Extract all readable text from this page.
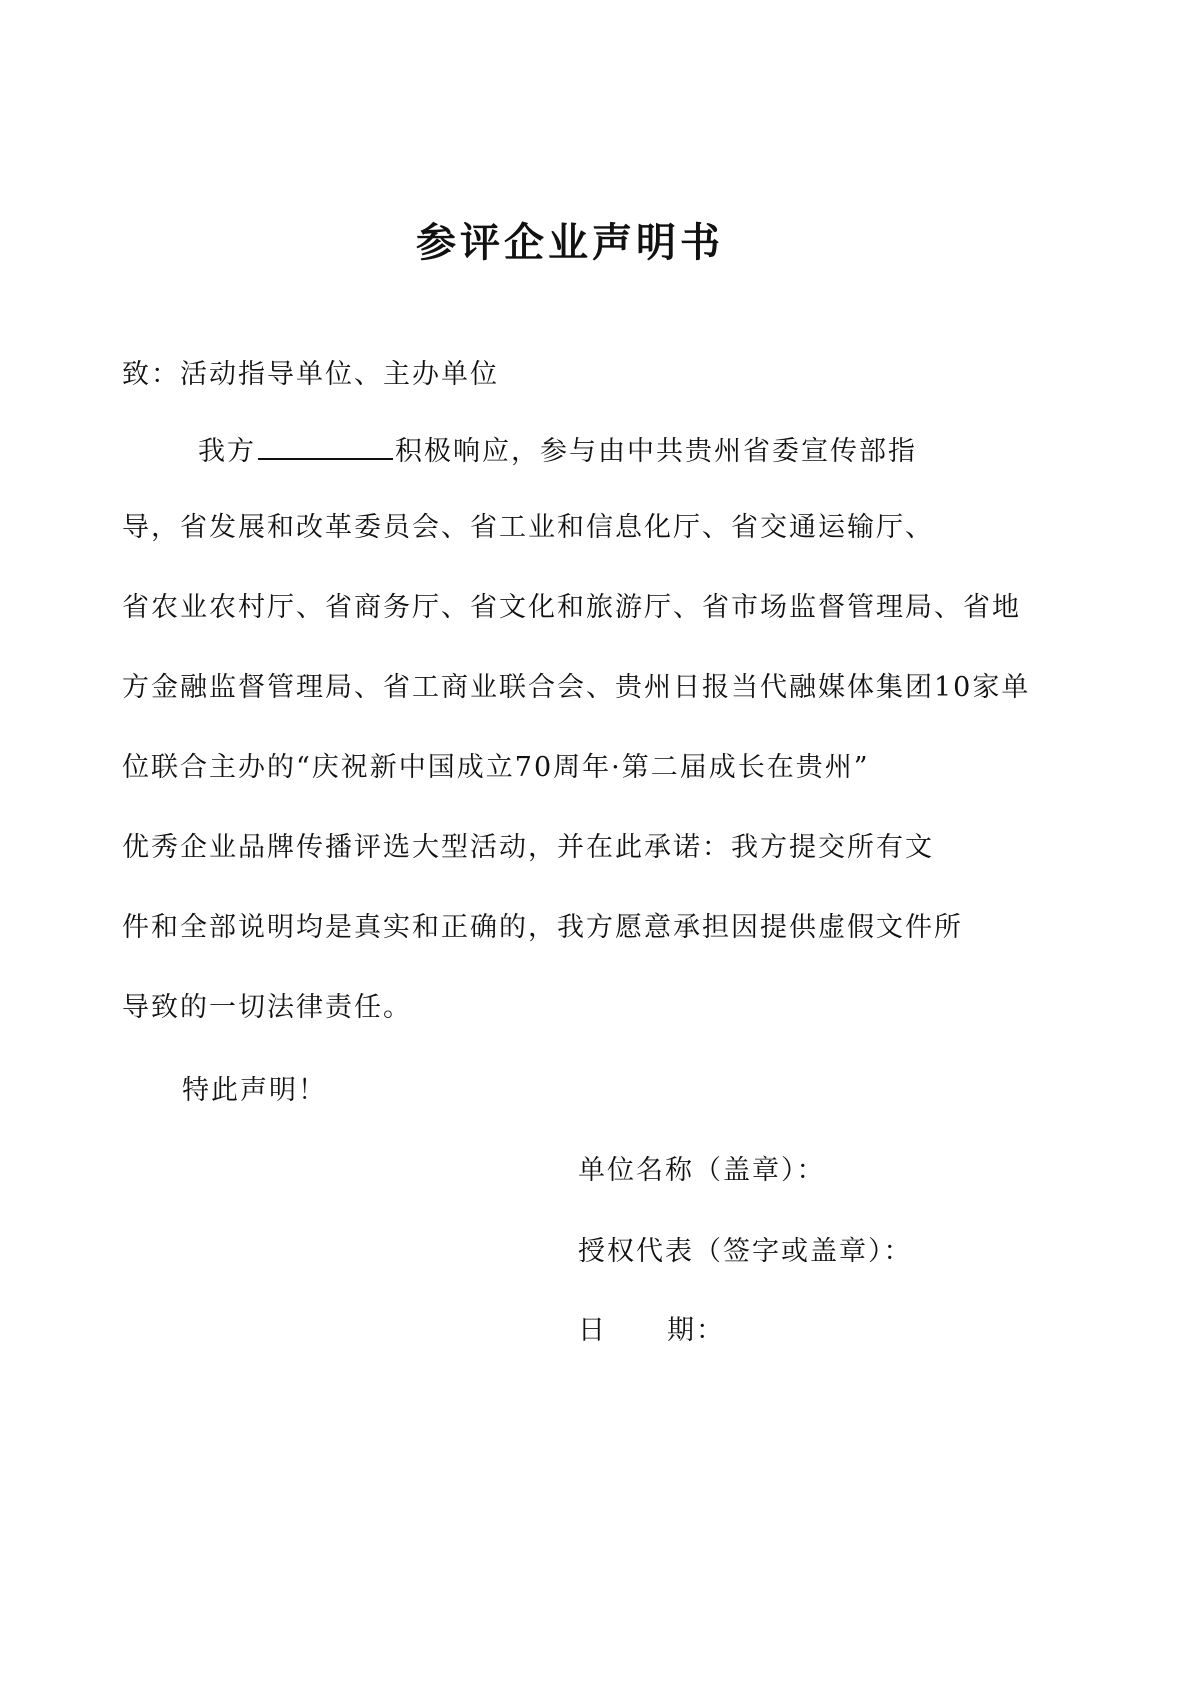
参评企业声明书
致：活动指导单位、主办单位
我方	积极响应，参与由中共贵州省委宣传部指
导，省发展和改革委员会、省工业和信息化厅、省交通运输厅、
省农业农村厅、省商务厅、省文化和旅游厅、省市场监督管理局、省地
方金融监督管理局、省工商业联合会、贵州日报当代融媒体集团10家单
位联合主办的“庆祝新中国成立70周年·第二届成长在贵州”
优秀企业品牌传播评选大型活动，并在此承诺：我方提交所有文
件和全部说明均是真实和正确的，我方愿意承担因提供虚假文件所
导致的一切法律责任。
特此声明！
单位名称（盖章）：
授权代表（签字或盖章）：
日 期：
